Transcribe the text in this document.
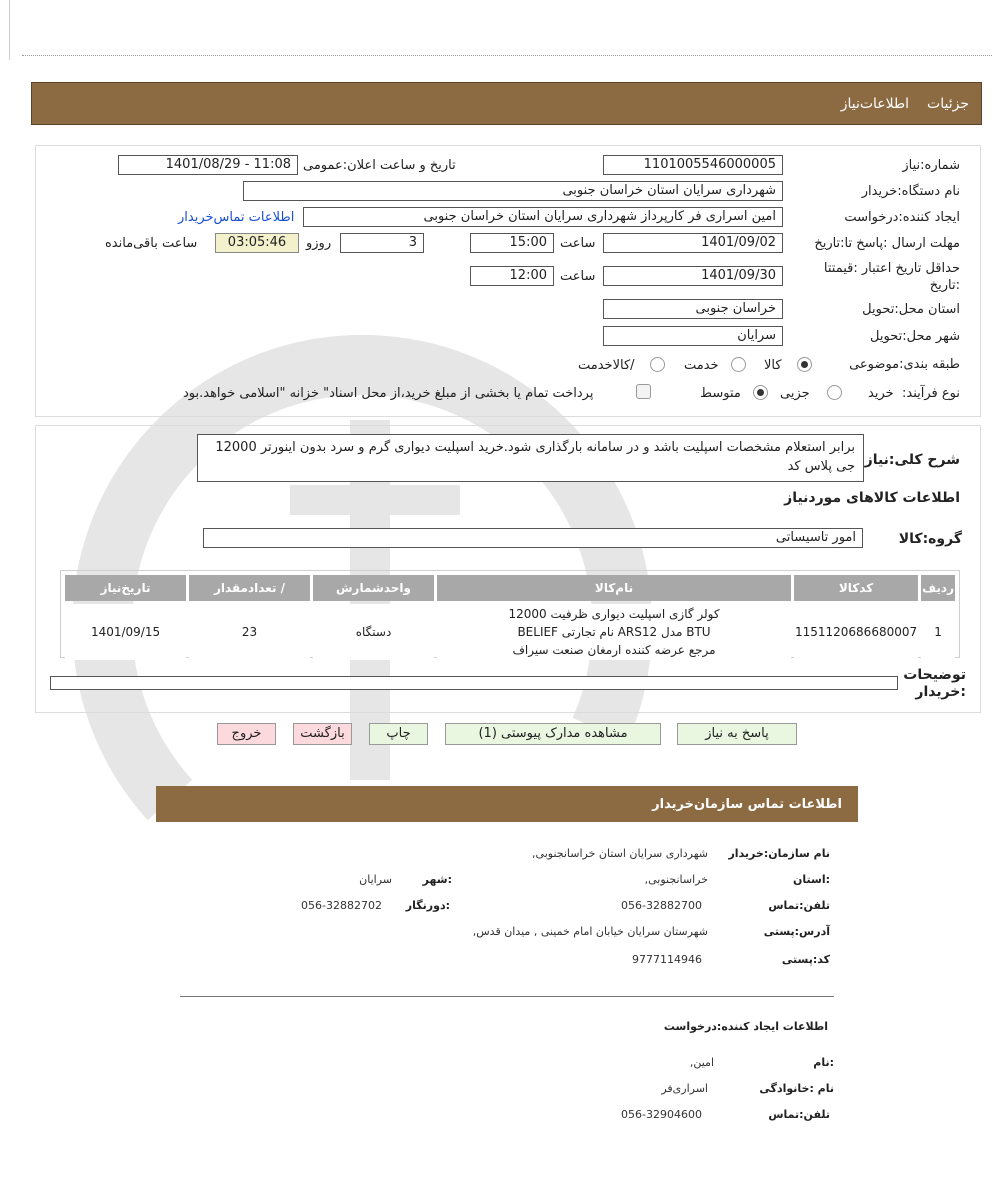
جزئیات
اطلاعات‌نیاز
شماره:نیاز
1101005546000005
تاریخ و ساعت اعلان:عمومی
1401/08/29 - 11:08
نام دستگاه:خریدار
شهرداری سرایان استان خراسان جنوبی
ایجاد کننده:درخواست
امین اسراری فر کارپرداز شهرداری سرایان استان خراسان جنوبی
اطلاعات تماس‌خریدار
مهلت ارسال :پاسخ تا:تاریخ
1401/09/02
ساعت
15:00
3
روزو
03:05:46
ساعت باقی‌مانده
حداقل تاریخ اعتبار :قیمتتا
:تاریخ
1401/09/30
ساعت
12:00
استان محل:تحویل
خراسان جنوبی
شهر محل:تحویل
سرایان
طبقه بندی:موضوعی
کالا
خدمت
/کالاخدمت
نوع فرآیند:
خرید
جزیی
متوسط
پرداخت تمام یا بخشی از مبلغ خرید،از محل اسناد" خزانه "اسلامی خواهد.بود
شرح کلی:نیاز
برابر استعلام مشخصات اسپلیت باشد و در سامانه بارگذاری شود.خرید اسپلیت دیواری گرم و سرد بدون اینورتر 12000 جی پلاس کد
اطلاعات کالاهای موردنیاز
گروه:کالا
امور تاسیساتی
ردیف	کدکالا	نام‌کالا	واحدشمارش	/ تعدادمقدار	تاریخ‌نیاز
1	1151120686680007	کولر گازی اسپلیت دیواری ظرفیت 12000
BTU مدل ARS12 نام تجارتی BELIEF
مرجع عرضه کننده ارمغان صنعت سیراف	دستگاه	23	1401/09/15
توضیحات
:خریدار
پاسخ به نیاز
مشاهده مدارک پیوستی (1)
چاپ
بازگشت
خروج
اطلاعات تماس سازمان‌خریدار
نام سازمان:خریدار
شهرداری سرایان استان خراسانجنوبی,
:استان
خراسانجنوبی,
:شهر
سرایان
تلفن:تماس
056-32882700
:دورنگار
056-32882702
آدرس:پستی
شهرستان سرایان خیابان امام خمینی , میدان قدس,
کد:پستی
9777114946
اطلاعات ایجاد کننده:درخواست
:نام
امین,
نام :خانوادگی
اسراری‌فر
تلفن:تماس
056-32904600
